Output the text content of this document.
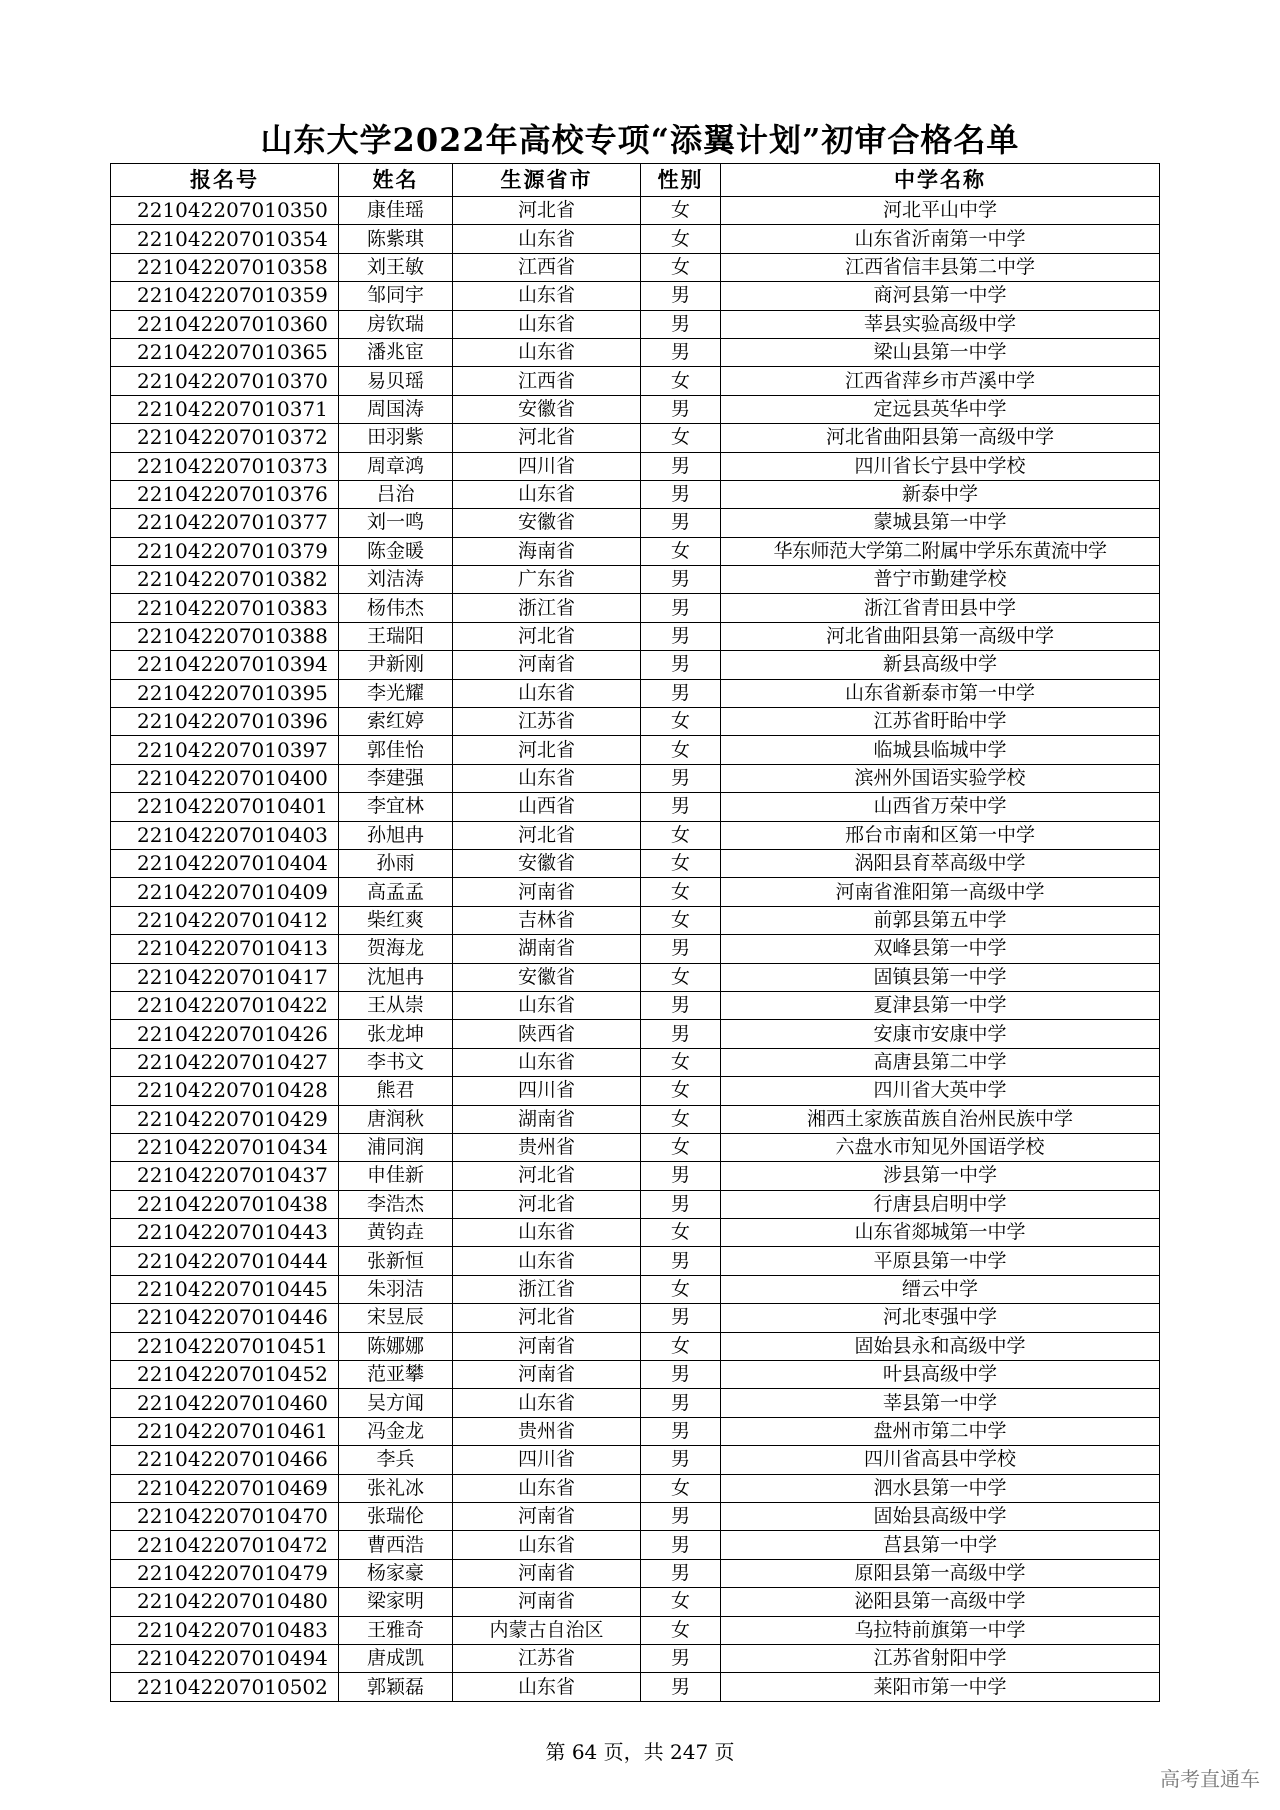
山东大学2022年高校专项“添翼计划”初审合格名单
报名号	姓名	生源省市	性别	中学名称
221042207010350	康佳瑶	河北省	女	河北平山中学
221042207010354	陈紫琪	山东省	女	山东省沂南第一中学
221042207010358	刘王敏	江西省	女	江西省信丰县第二中学
221042207010359	邹同宇	山东省	男	商河县第一中学
221042207010360	房钦瑞	山东省	男	莘县实验高级中学
221042207010365	潘兆宦	山东省	男	梁山县第一中学
221042207010370	易贝瑶	江西省	女	江西省萍乡市芦溪中学
221042207010371	周国涛	安徽省	男	定远县英华中学
221042207010372	田羽紫	河北省	女	河北省曲阳县第一高级中学
221042207010373	周章鸿	四川省	男	四川省长宁县中学校
221042207010376	吕治	山东省	男	新泰中学
221042207010377	刘一鸣	安徽省	男	蒙城县第一中学
221042207010379	陈金暖	海南省	女	华东师范大学第二附属中学乐东黄流中学
221042207010382	刘洁涛	广东省	男	普宁市勤建学校
221042207010383	杨伟杰	浙江省	男	浙江省青田县中学
221042207010388	王瑞阳	河北省	男	河北省曲阳县第一高级中学
221042207010394	尹新刚	河南省	男	新县高级中学
221042207010395	李光耀	山东省	男	山东省新泰市第一中学
221042207010396	索红婷	江苏省	女	江苏省盱眙中学
221042207010397	郭佳怡	河北省	女	临城县临城中学
221042207010400	李建强	山东省	男	滨州外国语实验学校
221042207010401	李宜林	山西省	男	山西省万荣中学
221042207010403	孙旭冉	河北省	女	邢台市南和区第一中学
221042207010404	孙雨	安徽省	女	涡阳县育萃高级中学
221042207010409	高孟孟	河南省	女	河南省淮阳第一高级中学
221042207010412	柴红爽	吉林省	女	前郭县第五中学
221042207010413	贺海龙	湖南省	男	双峰县第一中学
221042207010417	沈旭冉	安徽省	女	固镇县第一中学
221042207010422	王从崇	山东省	男	夏津县第一中学
221042207010426	张龙坤	陕西省	男	安康市安康中学
221042207010427	李书文	山东省	女	高唐县第二中学
221042207010428	熊君	四川省	女	四川省大英中学
221042207010429	唐润秋	湖南省	女	湘西土家族苗族自治州民族中学
221042207010434	浦同润	贵州省	女	六盘水市知见外国语学校
221042207010437	申佳新	河北省	男	涉县第一中学
221042207010438	李浩杰	河北省	男	行唐县启明中学
221042207010443	黄钧垚	山东省	女	山东省郯城第一中学
221042207010444	张新恒	山东省	男	平原县第一中学
221042207010445	朱羽洁	浙江省	女	缙云中学
221042207010446	宋昱辰	河北省	男	河北枣强中学
221042207010451	陈娜娜	河南省	女	固始县永和高级中学
221042207010452	范亚攀	河南省	男	叶县高级中学
221042207010460	吴方闻	山东省	男	莘县第一中学
221042207010461	冯金龙	贵州省	男	盘州市第二中学
221042207010466	李兵	四川省	男	四川省高县中学校
221042207010469	张礼冰	山东省	女	泗水县第一中学
221042207010470	张瑞伦	河南省	男	固始县高级中学
221042207010472	曹西浩	山东省	男	莒县第一中学
221042207010479	杨家豪	河南省	男	原阳县第一高级中学
221042207010480	梁家明	河南省	女	泌阳县第一高级中学
221042207010483	王雅奇	内蒙古自治区	女	乌拉特前旗第一中学
221042207010494	唐成凯	江苏省	男	江苏省射阳中学
221042207010502	郭颖磊	山东省	男	莱阳市第一中学
第 64 页，共 247 页
高考直通车
